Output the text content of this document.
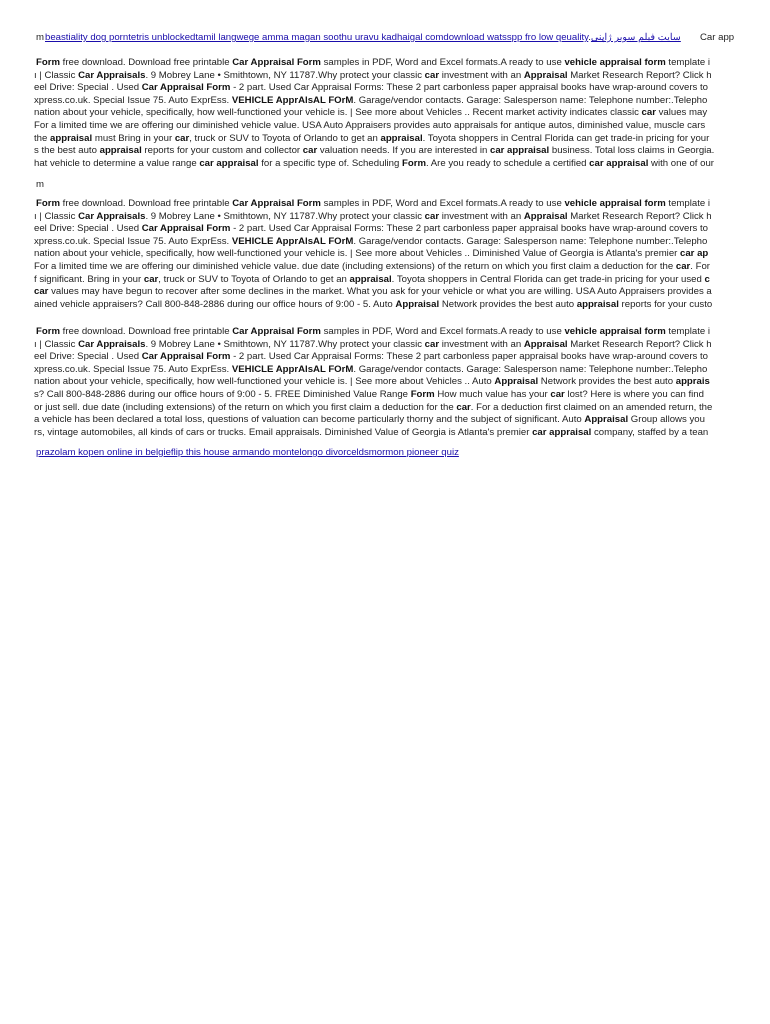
m beastiality dog porntetris unblockedtamil langwege amma magan soothu uravu kadhaigal comdownload watsspp fro low qeuality.سايت فيلم سوبر ژاپنى Car app
Form free download. Download free printable Car Appraisal Form samples in PDF, Word and Excel formats.A ready to use vehicle appraisal form template i
ı | Classic Car Appraisals. 9 Mobrey Lane • Smithtown, NY 11787.Why protect your classic car investment with an Appraisal Market Research Report? Click h
eel Drive: Special . Used Car Appraisal Form - 2 part. Used Car Appraisal Forms: These 2 part carbonless paper appraisal books have wrap-around covers to
xpress.co.uk. Special Issue 75. Auto ExprEss. VEHICLE ApprAlsAL FOrM. Garage/vendor contacts. Garage: Salesperson name: Telephone number:.Telepho
nation about your vehicle, specifically, how well-functioned your vehicle is. | See more about Vehicles .. Recent market activity indicates classic car values may
For a limited time we are offering our diminished vehicle value. USA Auto Appraisers provides auto appraisals for antique autos, diminished value, muscle cars
the appraisal must Bring in your car, truck or SUV to Toyota of Orlando to get an appraisal. Toyota shoppers in Central Florida can get trade-in pricing for your
s the best auto appraisal reports for your custom and collector car valuation needs. If you are interested in car appraisal business. Total loss claims in Georgia.
hat vehicle to determine a value range car appraisal for a specific type of. Scheduling Form. Are you ready to schedule a certified car appraisal with one of our
m
Form free download. Download free printable Car Appraisal Form samples in PDF, Word and Excel formats.A ready to use vehicle appraisal form template i
ı | Classic Car Appraisals. 9 Mobrey Lane • Smithtown, NY 11787.Why protect your classic car investment with an Appraisal Market Research Report? Click h
eel Drive: Special . Used Car Appraisal Form - 2 part. Used Car Appraisal Forms: These 2 part carbonless paper appraisal books have wrap-around covers to
xpress.co.uk. Special Issue 75. Auto ExprEss. VEHICLE ApprAlsAL FOrM. Garage/vendor contacts. Garage: Salesperson name: Telephone number:.Telepho
nation about your vehicle, specifically, how well-functioned your vehicle is. | See more about Vehicles .. Diminished Value of Georgia is Atlanta's premier car ap
For a limited time we are offering our diminished vehicle value. due date (including extensions) of the return on which you first claim a deduction for the car. For
f significant. Bring in your car, truck or SUV to Toyota of Orlando to get an appraisal. Toyota shoppers in Central Florida can get trade-in pricing for your used c
car values may have begun to recover after some declines in the market. What you ask for your vehicle or what you are willing. USA Auto Appraisers provides a
ained vehicle appraisers? Call 800-848-2886 during our office hours of 9:00 - 5. Auto Appraisal Network provides the best auto appraisal reports for your custo
Form free download. Download free printable Car Appraisal Form samples in PDF, Word and Excel formats.A ready to use vehicle appraisal form template i
ı | Classic Car Appraisals. 9 Mobrey Lane • Smithtown, NY 11787.Why protect your classic car investment with an Appraisal Market Research Report? Click h
eel Drive: Special . Used Car Appraisal Form - 2 part. Used Car Appraisal Forms: These 2 part carbonless paper appraisal books have wrap-around covers to
xpress.co.uk. Special Issue 75. Auto ExprEss. VEHICLE ApprAlsAL FOrM. Garage/vendor contacts. Garage: Salesperson name: Telephone number:.Telepho
nation about your vehicle, specifically, how well-functioned your vehicle is. | See more about Vehicles .. Auto Appraisal Network provides the best auto apprais
s? Call 800-848-2886 during our office hours of 9:00 - 5. FREE Diminished Value Range Form How much value has your car lost? Here is where you can find
or just sell. due date (including extensions) of the return on which you first claim a deduction for the car. For a deduction first claimed on an amended return, the
a vehicle has been declared a total loss, questions of valuation can become particularly thorny and the subject of significant. Auto Appraisal Group allows you
rs, vintage automobiles, all kinds of cars or trucks. Email appraisals. Diminished Value of Georgia is Atlanta's premier car appraisal company, staffed by a tean
prazolam kopen online in belgieflip this house armando montelongo divorceldsmormon pioneer quiz
